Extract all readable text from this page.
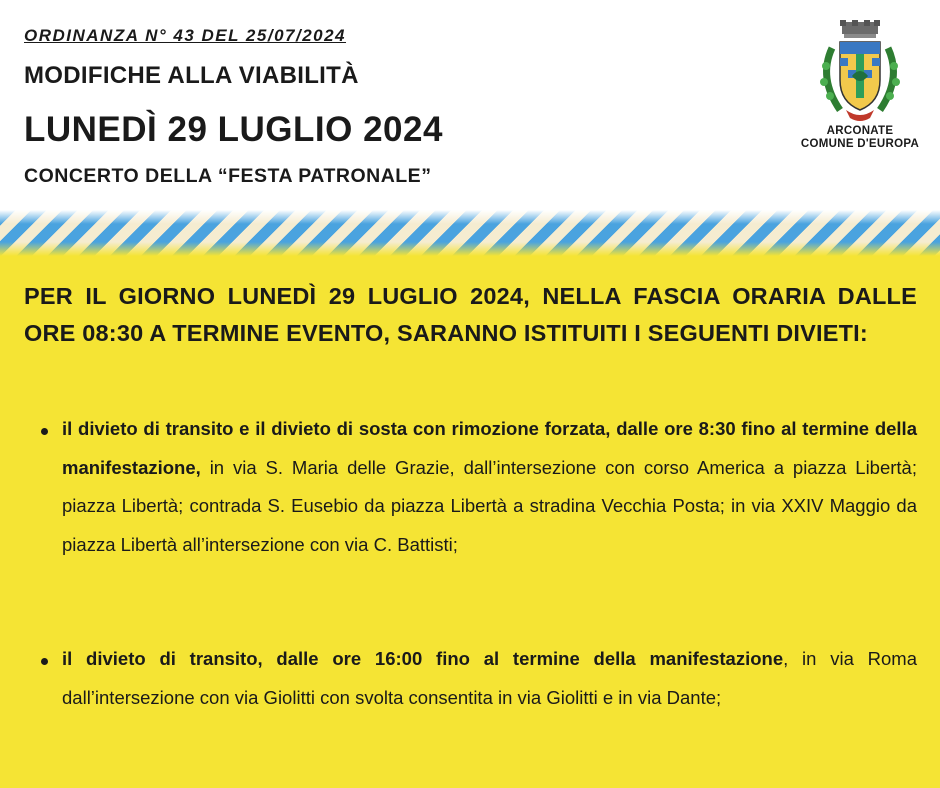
ORDINANZA N° 43 DEL 25/07/2024
MODIFICHE ALLA VIABILITÀ
LUNEDÌ 29 LUGLIO 2024
CONCERTO DELLA “FESTA PATRONALE”
ARCONATE
COMUNE D'EUROPA
PER IL GIORNO LUNEDÌ 29 LUGLIO 2024, NELLA FASCIA ORARIA DALLE ORE 08:30 A TERMINE EVENTO, SARANNO ISTITUITI I SEGUENTI DIVIETI:
il divieto di transito e il divieto di sosta con rimozione forzata, dalle ore 8:30 fino al termine della manifestazione, in via S. Maria delle Grazie, dall’intersezione con corso America a piazza Libertà; piazza Libertà; contrada S. Eusebio da piazza Libertà a stradina Vecchia Posta; in via XXIV Maggio da piazza Libertà all’intersezione con via C. Battisti;
il divieto di transito, dalle ore 16:00 fino al termine della manifestazione, in via Roma dall’intersezione con via Giolitti con svolta consentita in via Giolitti e in via Dante;
